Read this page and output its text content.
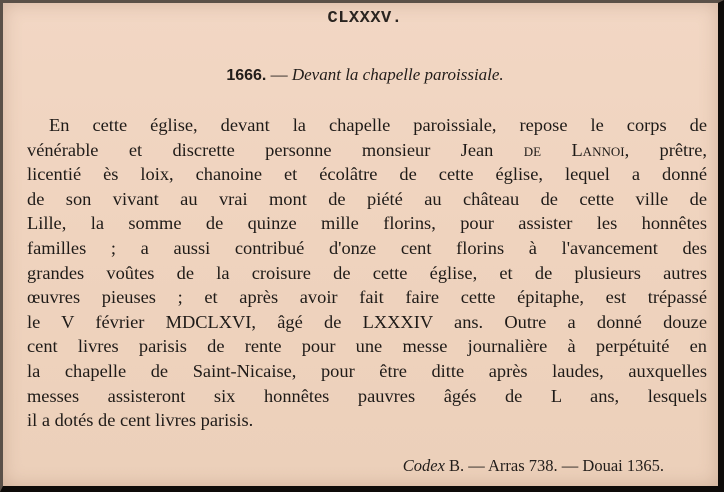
CLXXXV.
1666. — Devant la chapelle paroissiale.
En cette église, devant la chapelle paroissiale, repose le corps de
vénérable et discrette personne monsieur Jean de Lannoi, prêtre,
licentié ès loix, chanoine et écolâtre de cette église, lequel a donné
de son vivant au vrai mont de piété au château de cette ville de
Lille, la somme de quinze mille florins, pour assister les honnêtes
familles ; a aussi contribué d'onze cent florins à l'avancement des
grandes voûtes de la croisure de cette église, et de plusieurs autres
œuvres pieuses ; et après avoir fait faire cette épitaphe, est trépassé
le V février MDCLXVI, âgé de LXXXIV ans. Outre a donné douze
cent livres parisis de rente pour une messe journalière à perpétuité en
la chapelle de Saint-Nicaise, pour être ditte après laudes, auxquelles
messes assisteront six honnêtes pauvres âgés de L ans, lesquels
il a dotés de cent livres parisis.
Codex B. — Arras 738. — Douai 1365.
